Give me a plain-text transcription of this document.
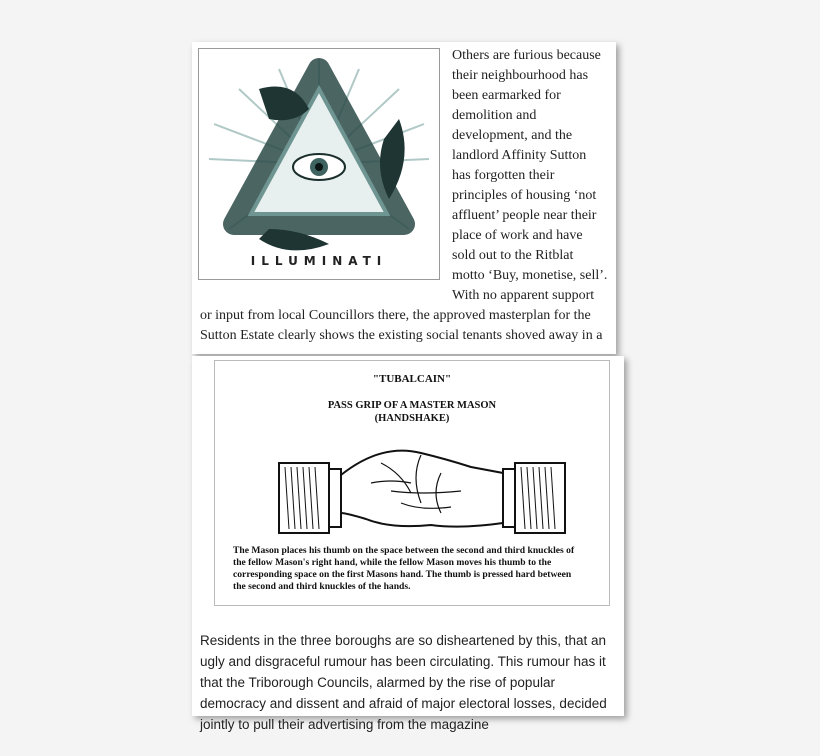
ILLUMINATI
Others are furious because
their neighbourhood has
been earmarked for
demolition and
development, and the
landlord Affinity Sutton
has forgotten their
principles of housing ‘not
affluent’ people near their
place of work and have
sold out to the Ritblat
motto ‘Buy, monetise, sell’.
With no apparent support
or input from local Councillors there, the approved masterplan for the
Sutton Estate clearly shows the existing social tenants shoved away in a
"TUBALCAIN"
PASS GRIP OF A MASTER MASON
(HANDSHAKE)
The Mason places his thumb on the space between the second and third knuckles of
the fellow Mason's right hand, while the fellow Mason moves his thumb to the
corresponding space on the first Masons hand. The thumb is pressed hard between
the second and third knuckles of the hands.
Residents in the three boroughs are so disheartened by this, that an
ugly and disgraceful rumour has been circulating. This rumour has it
that the Triborough Councils, alarmed by the rise of popular
democracy and dissent and afraid of major electoral losses, decided
jointly to pull their advertising from the magazine
